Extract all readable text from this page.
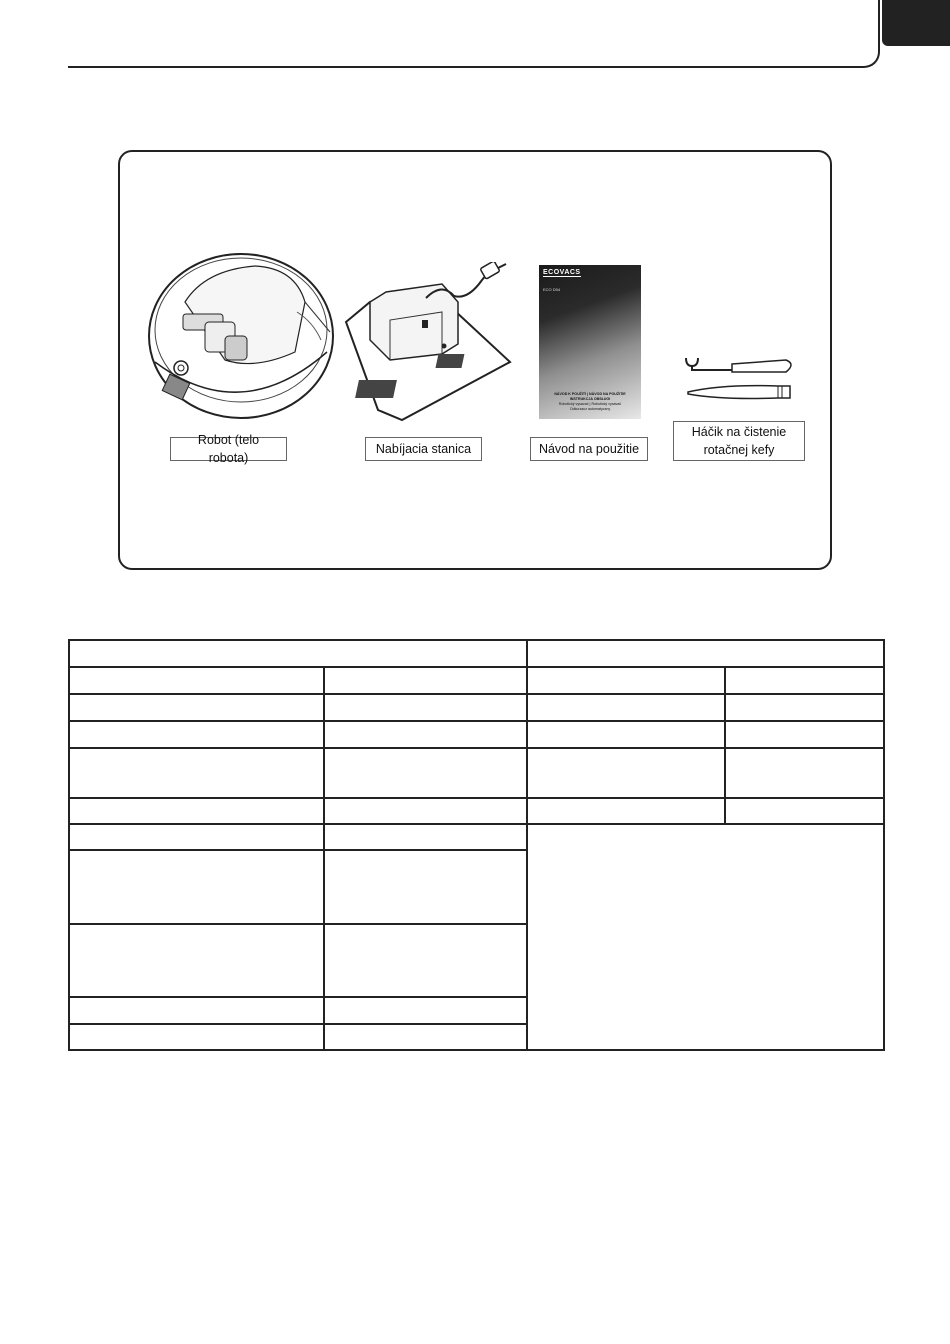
ECOVACS
ECO D54
NÁVOD K POUŽITÍ | NÁVOD NA POUŽITIE
INSTRUKCJA OBSŁUGI
Robotický vysavač | Robotický vysávač
Odkurzacz automatyczny
Robot (telo robota)
Nabíjacia stanica	Návod na použitie
Háčik na čistenie
rotačnej kefy
